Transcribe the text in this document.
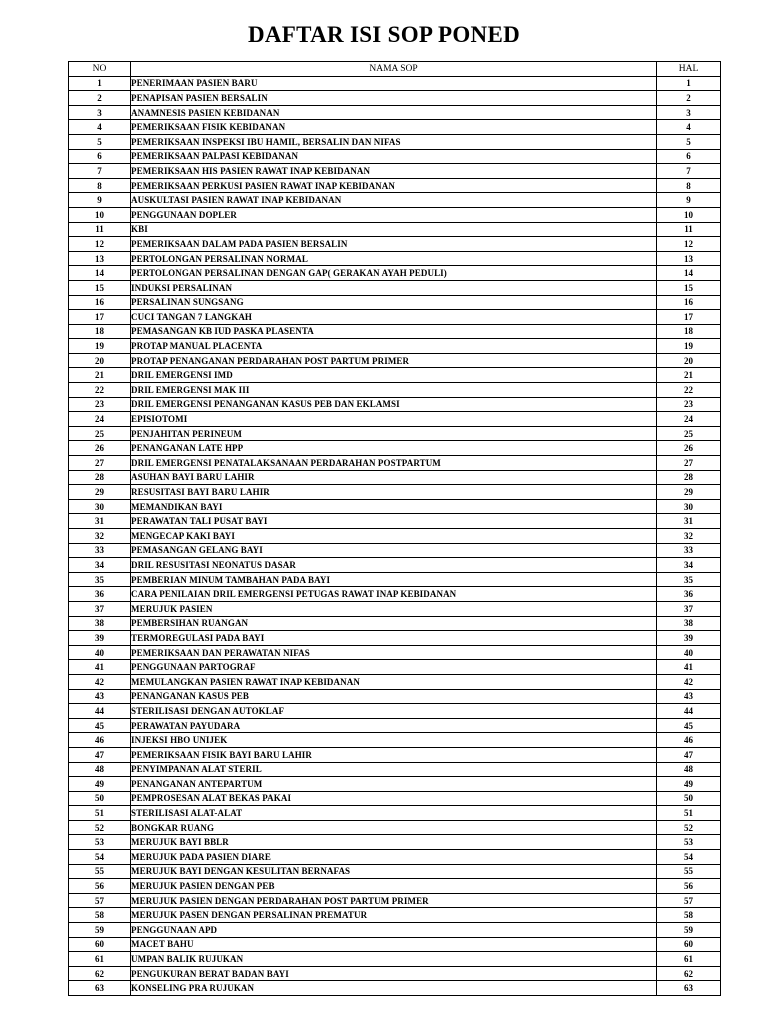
DAFTAR ISI SOP PONED
NO	NAMA SOP	HAL
1	PENERIMAAN PASIEN BARU	1
2	PENAPISAN PASIEN BERSALIN	2
3	ANAMNESIS PASIEN KEBIDANAN	3
4	PEMERIKSAAN FISIK KEBIDANAN	4
5	PEMERIKSAAN INSPEKSI IBU HAMIL, BERSALIN DAN NIFAS	5
6	PEMERIKSAAN PALPASI KEBIDANAN	6
7	PEMERIKSAAN HIS PASIEN RAWAT INAP KEBIDANAN	7
8	PEMERIKSAAN PERKUSI PASIEN RAWAT INAP KEBIDANAN	8
9	AUSKULTASI PASIEN RAWAT INAP KEBIDANAN	9
10	PENGGUNAAN DOPLER	10
11	KBI	11
12	PEMERIKSAAN DALAM PADA PASIEN BERSALIN	12
13	PERTOLONGAN PERSALINAN NORMAL	13
14	PERTOLONGAN PERSALINAN DENGAN GAP( GERAKAN AYAH PEDULI)	14
15	INDUKSI PERSALINAN	15
16	PERSALINAN SUNGSANG	16
17	CUCI TANGAN 7 LANGKAH	17
18	PEMASANGAN KB IUD PASKA PLASENTA	18
19	PROTAP MANUAL PLACENTA	19
20	PROTAP PENANGANAN PERDARAHAN POST PARTUM PRIMER	20
21	DRIL EMERGENSI IMD	21
22	DRIL EMERGENSI MAK III	22
23	DRIL EMERGENSI PENANGANAN KASUS PEB DAN EKLAMSI	23
24	EPISIOTOMI	24
25	PENJAHITAN PERINEUM	25
26	PENANGANAN LATE HPP	26
27	DRIL EMERGENSI PENATALAKSANAAN PERDARAHAN POSTPARTUM	27
28	ASUHAN BAYI BARU LAHIR	28
29	RESUSITASI BAYI BARU LAHIR	29
30	MEMANDIKAN BAYI	30
31	PERAWATAN TALI PUSAT BAYI	31
32	MENGECAP KAKI BAYI	32
33	PEMASANGAN GELANG BAYI	33
34	DRIL RESUSITASI NEONATUS DASAR	34
35	PEMBERIAN MINUM TAMBAHAN PADA BAYI	35
36	CARA PENILAIAN DRIL EMERGENSI PETUGAS RAWAT INAP KEBIDANAN	36
37	MERUJUK PASIEN	37
38	PEMBERSIHAN RUANGAN	38
39	TERMOREGULASI PADA BAYI	39
40	PEMERIKSAAN DAN PERAWATAN NIFAS	40
41	PENGGUNAAN PARTOGRAF	41
42	MEMULANGKAN PASIEN RAWAT INAP KEBIDANAN	42
43	PENANGANAN KASUS PEB	43
44	STERILISASI DENGAN AUTOKLAF	44
45	PERAWATAN PAYUDARA	45
46	INJEKSI HBO UNIJEK	46
47	PEMERIKSAAN FISIK BAYI BARU LAHIR	47
48	PENYIMPANAN ALAT STERIL	48
49	PENANGANAN ANTEPARTUM	49
50	PEMPROSESAN ALAT BEKAS PAKAI	50
51	STERILISASI ALAT-ALAT	51
52	BONGKAR RUANG	52
53	MERUJUK BAYI BBLR	53
54	MERUJUK PADA PASIEN DIARE	54
55	MERUJUK BAYI DENGAN KESULITAN BERNAFAS	55
56	MERUJUK PASIEN DENGAN PEB	56
57	MERUJUK PASIEN DENGAN PERDARAHAN POST PARTUM PRIMER	57
58	MERUJUK PASEN DENGAN PERSALINAN PREMATUR	58
59	PENGGUNAAN APD	59
60	MACET BAHU	60
61	UMPAN BALIK RUJUKAN	61
62	PENGUKURAN BERAT BADAN BAYI	62
63	KONSELING PRA RUJUKAN	63
